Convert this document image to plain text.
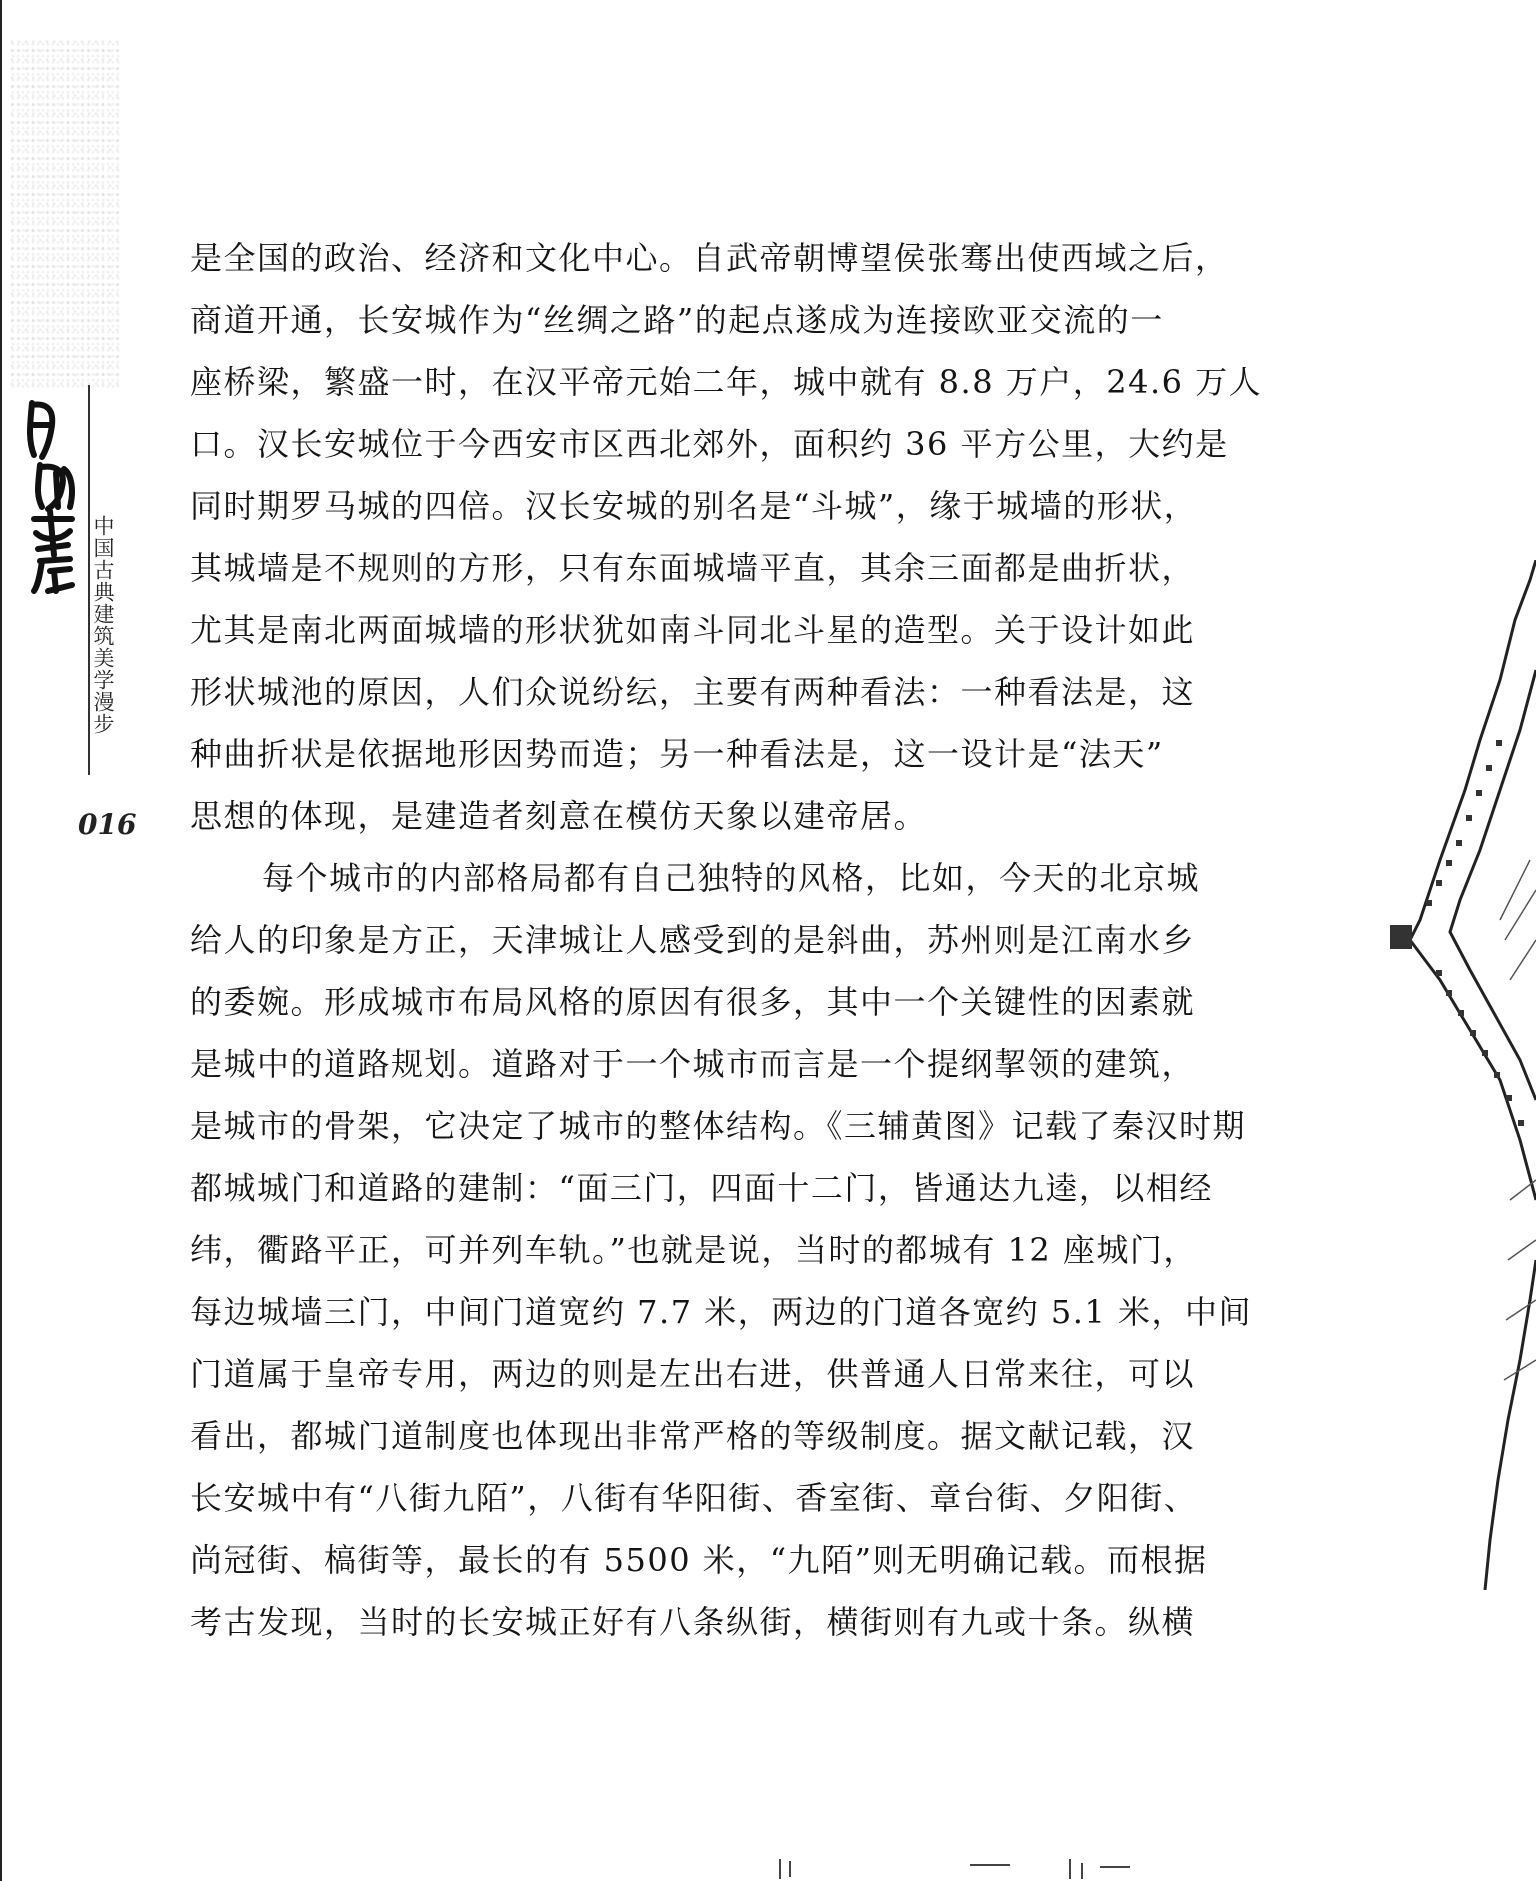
中国古典建筑美学漫步
016
是全国的政治、经济和文化中心。自武帝朝博望侯张骞出使西域之后，
商道开通，长安城作为“丝绸之路”的起点遂成为连接欧亚交流的一
座桥梁，繁盛一时，在汉平帝元始二年，城中就有 8.8 万户，24.6 万人
口。汉长安城位于今西安市区西北郊外，面积约 36 平方公里，大约是
同时期罗马城的四倍。汉长安城的别名是“斗城”，缘于城墙的形状，
其城墙是不规则的方形，只有东面城墙平直，其余三面都是曲折状，
尤其是南北两面城墙的形状犹如南斗同北斗星的造型。关于设计如此
形状城池的原因，人们众说纷纭，主要有两种看法：一种看法是，这
种曲折状是依据地形因势而造；另一种看法是，这一设计是“法天”
思想的体现，是建造者刻意在模仿天象以建帝居。
每个城市的内部格局都有自己独特的风格，比如，今天的北京城
给人的印象是方正，天津城让人感受到的是斜曲，苏州则是江南水乡
的委婉。形成城市布局风格的原因有很多，其中一个关键性的因素就
是城中的道路规划。道路对于一个城市而言是一个提纲挈领的建筑，
是城市的骨架，它决定了城市的整体结构。《三辅黄图》记载了秦汉时期
都城城门和道路的建制：“面三门，四面十二门，皆通达九逵，以相经
纬，衢路平正，可并列车轨。”也就是说，当时的都城有 12 座城门，
每边城墙三门，中间门道宽约 7.7 米，两边的门道各宽约 5.1 米，中间
门道属于皇帝专用，两边的则是左出右进，供普通人日常来往，可以
看出，都城门道制度也体现出非常严格的等级制度。据文献记载，汉
长安城中有“八街九陌”，八街有华阳街、香室街、章台街、夕阳街、
尚冠街、槁街等，最长的有 5500 米，“九陌”则无明确记载。而根据
考古发现，当时的长安城正好有八条纵街，横街则有九或十条。纵横
